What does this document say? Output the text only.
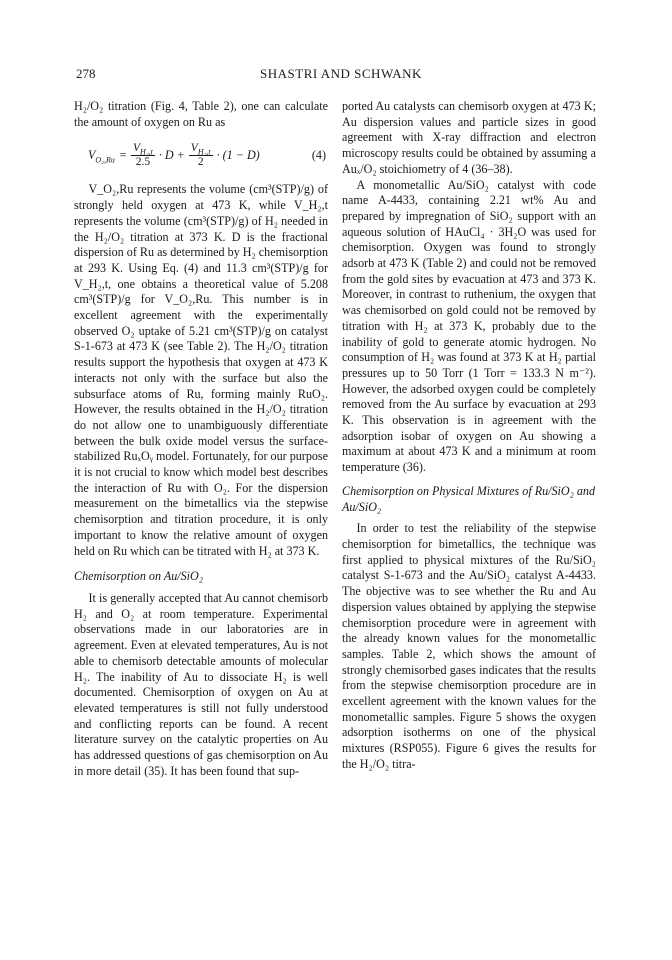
278	SHASTRI AND SCHWANK

H₂/O₂ titration (Fig. 4, Table 2), one can calculate the amount of oxygen on Ru as

$V_{O_2,Ru} = \frac{V_{H_2,t}}{2.5} \cdot D + \frac{V_{H_2,t}}{2} \cdot (1 - D)$	(4)

V_O₂,Ru represents the volume (cm³(STP)/g) of strongly held oxygen at 473 K, while V_H₂,t represents the volume (cm³(STP)/g) of H₂ needed in the H₂/O₂ titration at 373 K. D is the fractional dispersion of Ru as determined by H₂ chemisorption at 293 K. Using Eq. (4) and 11.3 cm³(STP)/g for V_H₂,t, one obtains a theoretical value of 5.208 cm³(STP)/g for V_O₂,Ru. This number is in excellent agreement with the experimentally observed O₂ uptake of 5.21 cm³(STP)/g on catalyst S-1-673 at 473 K (see Table 2). The H₂/O₂ titration results support the hypothesis that oxygen at 473 K interacts not only with the surface but also the subsurface atoms of Ru, forming mainly RuO₂. However, the results obtained in the H₂/O₂ titration do not allow one to unambiguously differentiate between the bulk oxide model versus the surface-stabilized RuₓOᵧ model. Fortunately, for our purpose it is not crucial to know which model best describes the interaction of Ru with O₂. For the dispersion measurement on the bimetallics via the stepwise chemisorption and titration procedure, it is only important to know the relative amount of oxygen held on Ru which can be titrated with H₂ at 373 K.

Chemisorption on Au/SiO₂

It is generally accepted that Au cannot chemisorb H₂ and O₂ at room temperature. Experimental observations made in our laboratories are in agreement. Even at elevated temperatures, Au is not able to chemisorb detectable amounts of molecular H₂. The inability of Au to dissociate H₂ is well documented. Chemisorption of oxygen on Au at elevated temperatures is still not fully understood and conflicting reports can be found. A recent literature survey on the catalytic properties on Au has addressed questions of gas chemisorption on Au in more detail (35). It has been found that sup-

ported Au catalysts can chemisorb oxygen at 473 K; Au dispersion values and particle sizes in good agreement with X-ray diffraction and electron microscopy results could be obtained by assuming a Auₓ/O₂ stoichiometry of 4 (36–38).

A monometallic Au/SiO₂ catalyst with code name A-4433, containing 2.21 wt% Au and prepared by impregnation of SiO₂ support with an aqueous solution of HAuCl₄ · 3H₂O was used for chemisorption. Oxygen was found to strongly adsorb at 473 K (Table 2) and could not be removed from the gold sites by evacuation at 473 and 373 K. Moreover, in contrast to ruthenium, the oxygen that was chemisorbed on gold could not be removed by titration with H₂ at 373 K, probably due to the inability of gold to generate atomic hydrogen. No consumption of H₂ was found at 373 K at H₂ partial pressures up to 50 Torr (1 Torr = 133.3 N m⁻²). However, the adsorbed oxygen could be completely removed from the Au surface by evacuation at 293 K. This observation is in agreement with the adsorption isobar of oxygen on Au showing a maximum at about 473 K and a minimum at room temperature (36).

Chemisorption on Physical Mixtures of Ru/SiO₂ and Au/SiO₂

In order to test the reliability of the stepwise chemisorption for bimetallics, the technique was first applied to physical mixtures of the Ru/SiO₂ catalyst S-1-673 and the Au/SiO₂ catalyst A-4433. The objective was to see whether the Ru and Au dispersion values obtained by applying the stepwise chemisorption procedure were in agreement with the already known values for the monometallic samples. Table 2, which shows the amount of strongly chemisorbed gases indicates that the results from the stepwise chemisorption procedure are in excellent agreement with the known values for the monometallic samples. Figure 5 shows the oxygen adsorption isotherms on one of the physical mixtures (RSP055). Figure 6 gives the results for the H₂/O₂ titra-
